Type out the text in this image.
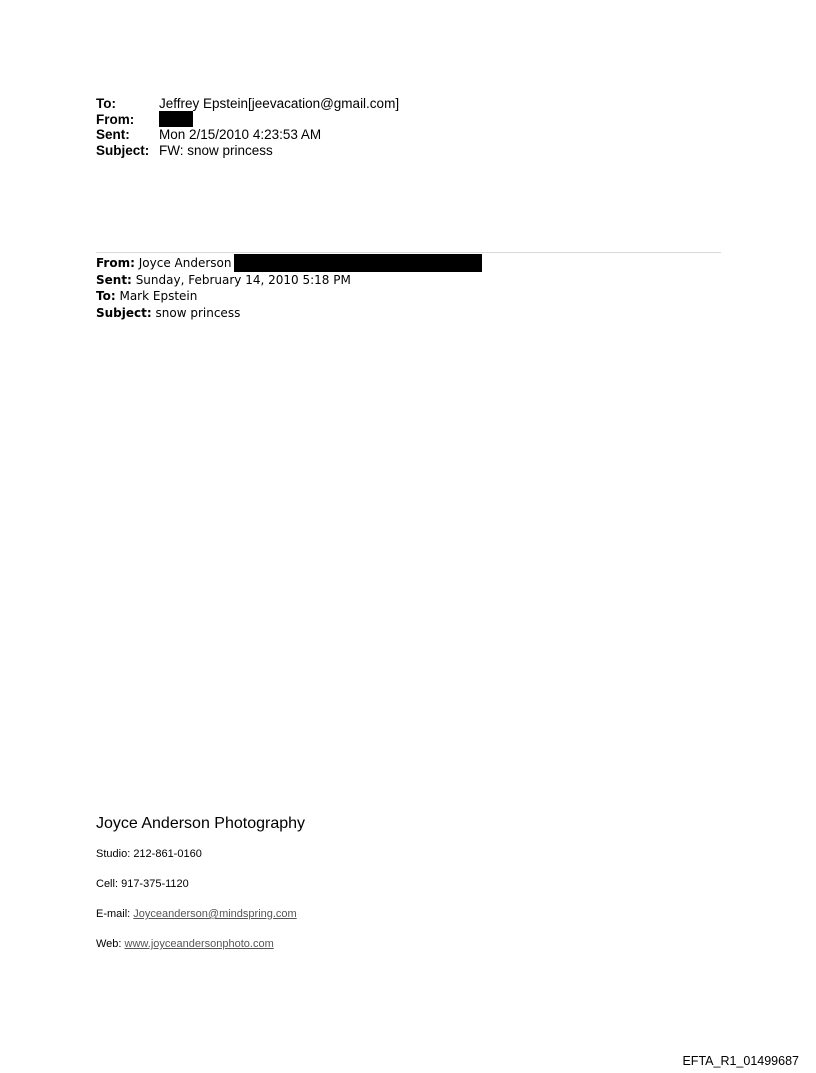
To:	Jeffrey Epstein[jeevacation@gmail.com]
From:
Sent:	Mon 2/15/2010 4:23:53 AM
Subject: FW: snow princess
From: Joyce Anderson
Sent: Sunday, February 14, 2010 5:18 PM
To: Mark Epstein
Subject: snow princess
Joyce Anderson Photography
Studio: 212-861-0160
Cell: 917-375-1120
E-mail: Joyceanderson@mindspring.com
Web: www.joyceandersonphoto.com
EFTA_R1_01499687
